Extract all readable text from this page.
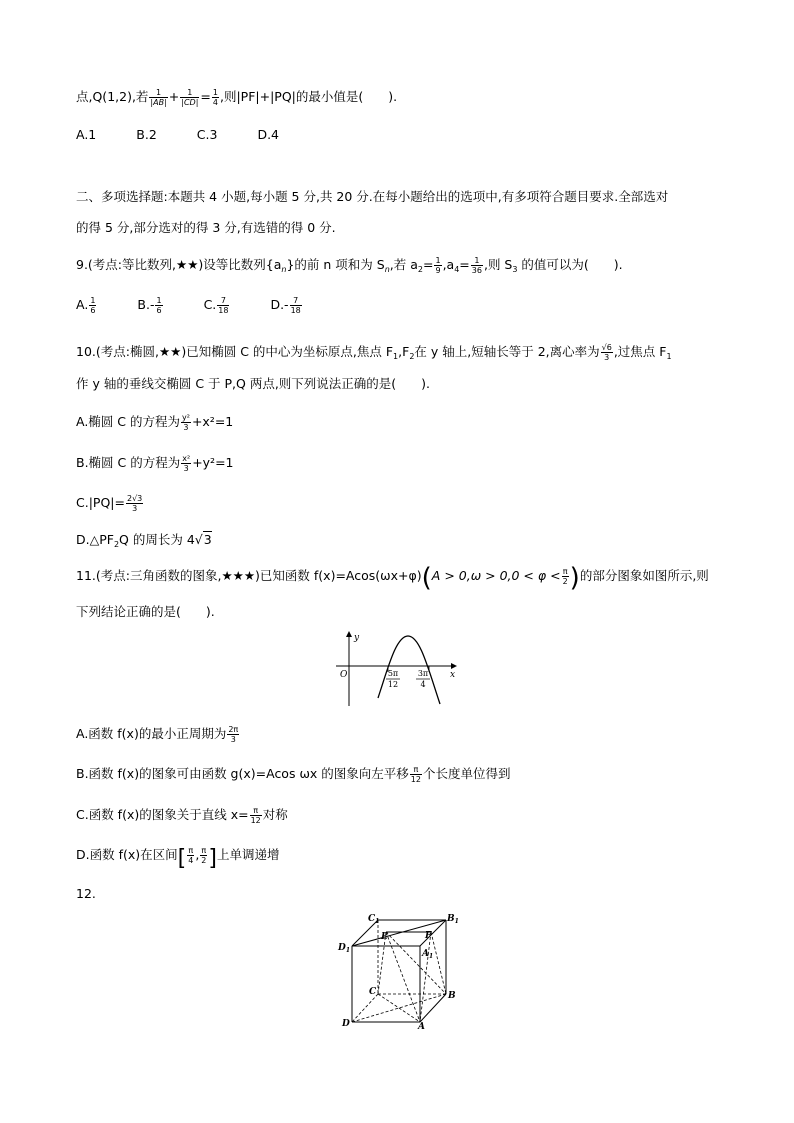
点,Q(1,2),若 $\frac{1}{|AB|} + \frac{1}{|CD|} = \frac{1}{4}$ ,则|PF|+|PQ|的最小值是(　　).
A.1	B.2	C.3	D.4
二、多项选择题:本题共 4 小题,每小题 5 分,共 20 分.在每小题给出的选项中,有多项符合题目要求.全部选对
的得 5 分,部分选对的得 3 分,有选错的得 0 分.
9.(考点:等比数列,★★)设等比数列$\{a_n\}$的前 n 项和为 $S_n$,若 $a_2= \frac{1}{9} ,a_4= \frac{1}{36}$ ,则 $S_3$ 的值可以为(　　).
A. $\frac{1}{6}$	$B.- \frac{1}{6}$	C. $\frac{7}{18}$	$D.- \frac{7}{18}$
10.(考点:椭圆,★★)已知椭圆 C 的中心为坐标原点,焦点 $F_1,F_2$在 y 轴上,短轴长等于 2,离心率为 $\frac{√6}{3}$ ,过焦点 $F_1$
作 y 轴的垂线交椭圆 C 于 P,Q 两点,则下列说法正确的是(　　).
A.椭圆 C 的方程为 $\frac{\text{y²}}{3} +x^2=1$
B.椭圆 C 的方程为 $\frac{\text{x²}}{3} +y^2=1$
$C.|PQ|= \frac{2√3}{3}$
$D.\triangle PF_2Q$ 的周长为 4√3
11.(考点:三角函数的图象,★★★)已知函数 $f(x)=Acos(\omega x+\varphi)(A > 0,\omega > 0,0 < \varphi < \frac{\pi}{2}$ )的部分图象如图所示,则
下列结论正确的是(　　).
y
x
O	5π
12
3π
4
A.函数 f(x)的最小正周期为 $\frac{2\pi}{3}$
B.函数 f(x)的图象可由函数 g(x)=Acos ωx 的图象向左平移 $\frac{\pi}{12}$ 个长度单位得到
C.函数 f(x)的图象关于直线 $x= \frac{\pi}{12}$ 对称
D.函数 f(x)在区间[ $\frac{\pi}{4}$ , $\frac{\pi}{2}$ ]上单调递增
12.
$C_1$	$B_1$
$D_1$
E	F
$A_1$
C	B
D	A
